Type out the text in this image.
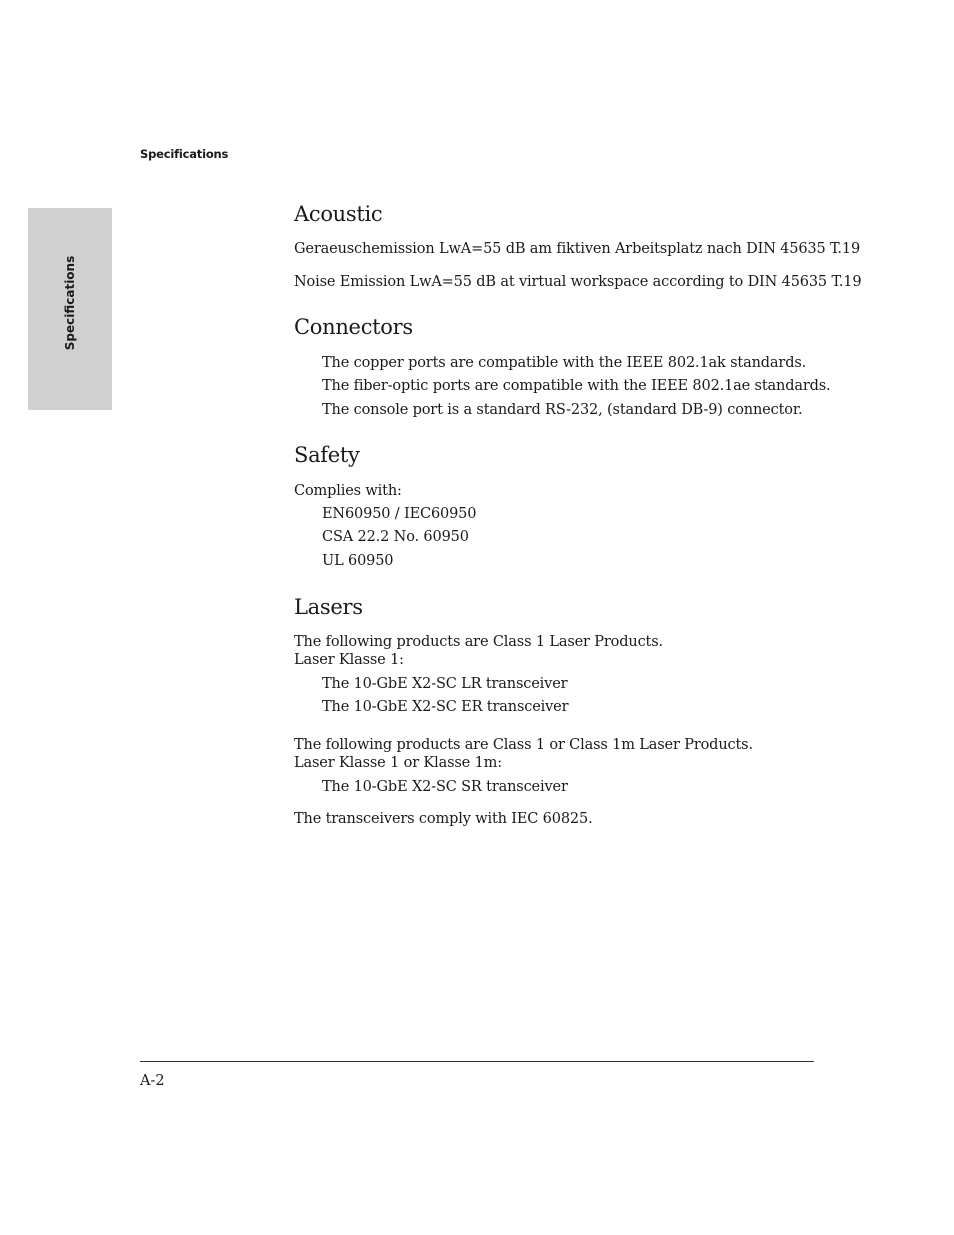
Specifications
Specifications
Acoustic
Geraeuschemission LwA=55 dB am fiktiven Arbeitsplatz nach DIN 45635 T.19
Noise Emission LwA=55 dB at virtual workspace according to DIN 45635 T.19
Connectors
The copper ports are compatible with the IEEE 802.1ak standards.
The fiber-optic ports are compatible with the IEEE 802.1ae standards.
The console port is a standard RS-232, (standard DB-9) connector.
Safety
Complies with:
EN60950 / IEC60950
CSA 22.2 No. 60950
UL 60950
Lasers
The following products are Class 1 Laser Products.
Laser Klasse 1:
The 10-GbE X2-SC LR transceiver
The 10-GbE X2-SC ER transceiver
The following products are Class 1 or Class 1m Laser Products.
Laser Klasse 1 or Klasse 1m:
The 10-GbE X2-SC SR transceiver
The transceivers comply with IEC 60825.
A-2
